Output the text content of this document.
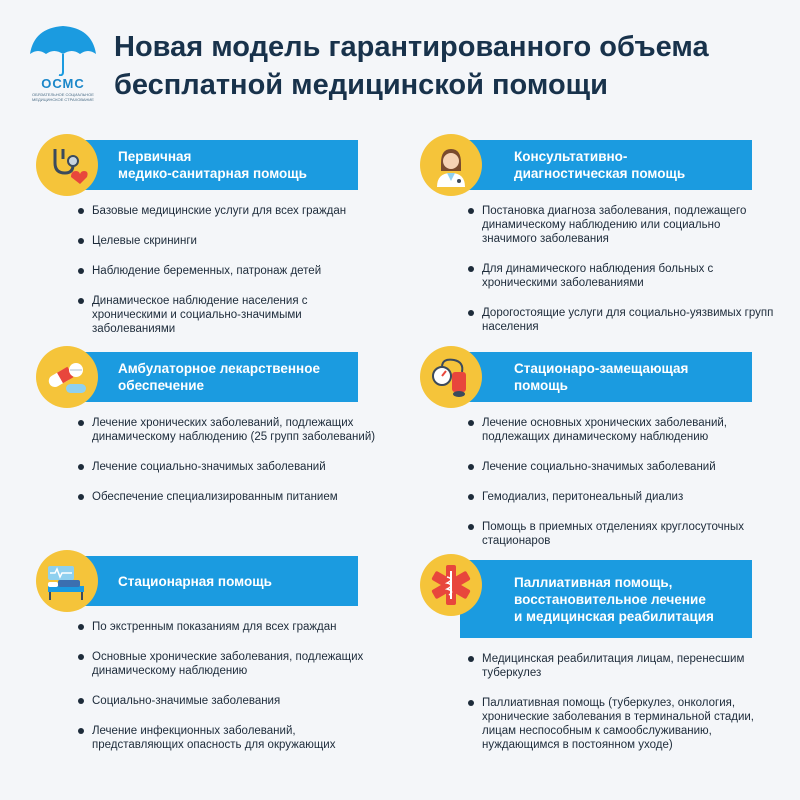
ОСМС
ОБЯЗАТЕЛЬНОЕ СОЦИАЛЬНОЕ МЕДИЦИНСКОЕ СТРАХОВАНИЕ
Новая модель гарантированного объема
бесплатной медицинской помощи
Первичная
медико-санитарная помощь
Базовые медицинские услуги для всех граждан
Целевые скрининги
Наблюдение беременных, патронаж детей
Динамическое наблюдение населения с хроническими и социально-значимыми заболеваниями
Консультативно-
диагностическая помощь
Постановка диагноза заболевания, подлежащего динамическому наблюдению или социально значимого заболевания
Для динамического наблюдения больных с хроническими заболеваниями
Дорогостоящие услуги для социально-уязвимых групп населения
Амбулаторное лекарственное
обеспечение
Лечение хронических заболеваний, подлежащих динамическому наблюдению (25 групп заболеваний)
Лечение социально-значимых заболеваний
Обеспечение специализированным питанием
Стационаро-замещающая
помощь
Лечение основных хронических заболеваний, подлежащих динамическому наблюдению
Лечение социально-значимых заболеваний
Гемодиализ, перитонеальный диализ
Помощь в приемных отделениях круглосуточных стационаров
Стационарная помощь
По экстренным показаниям для всех граждан
Основные хронические заболевания, подлежащих динамическому наблюдению
Социально-значимые заболевания
Лечение инфекционных заболеваний, представляющих опасность для окружающих
Паллиативная помощь,
восстановительное лечение
и медицинская реабилитация
Медицинская реабилитация лицам, перенесшим туберкулез
Паллиативная помощь (туберкулез, онкология, хронические заболевания в терминальной стадии, лицам неспособным к самообслуживанию, нуждающимся в постоянном уходе)
